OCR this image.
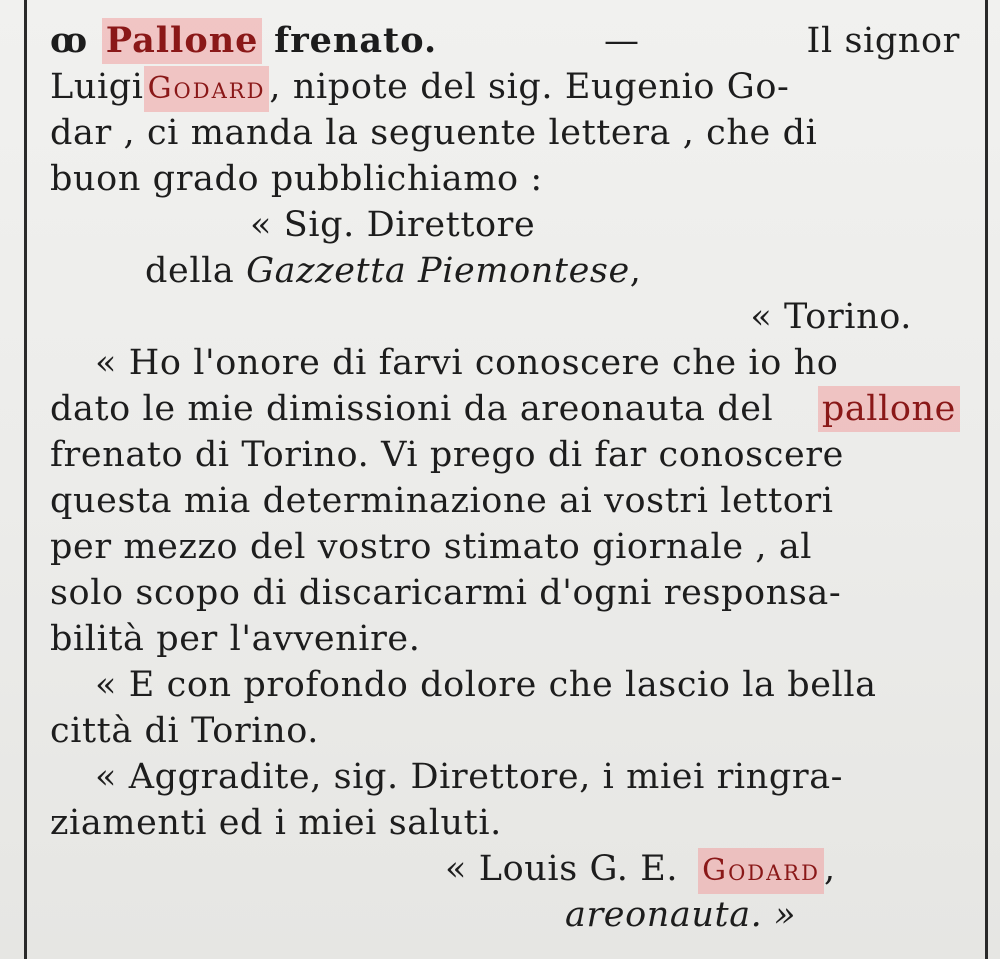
ꝏ Pallone frenato.	—	Il signor
Luigi Godard , nipote del sig. Eugenio Go-
dar , ci manda la seguente lettera , che di
buon grado pubblichiamo :
« Sig. Direttore
della
Gazzetta Piemontese ,
« Torino.
« Ho l'onore di farvi conoscere che io ho
dato le mie dimissioni da areonauta del pallone
frenato di Torino. Vi prego di far conoscere
questa mia determinazione ai vostri lettori
per mezzo del vostro stimato giornale , al
solo scopo di discaricarmi d'ogni responsa-
bilità per l'avvenire.
« E con profondo dolore che lascio la bella
città di Torino.
« Aggradite, sig. Direttore, i miei ringra-
ziamenti ed i miei saluti.
« Louis G. E. Godard ,
areonauta. »
